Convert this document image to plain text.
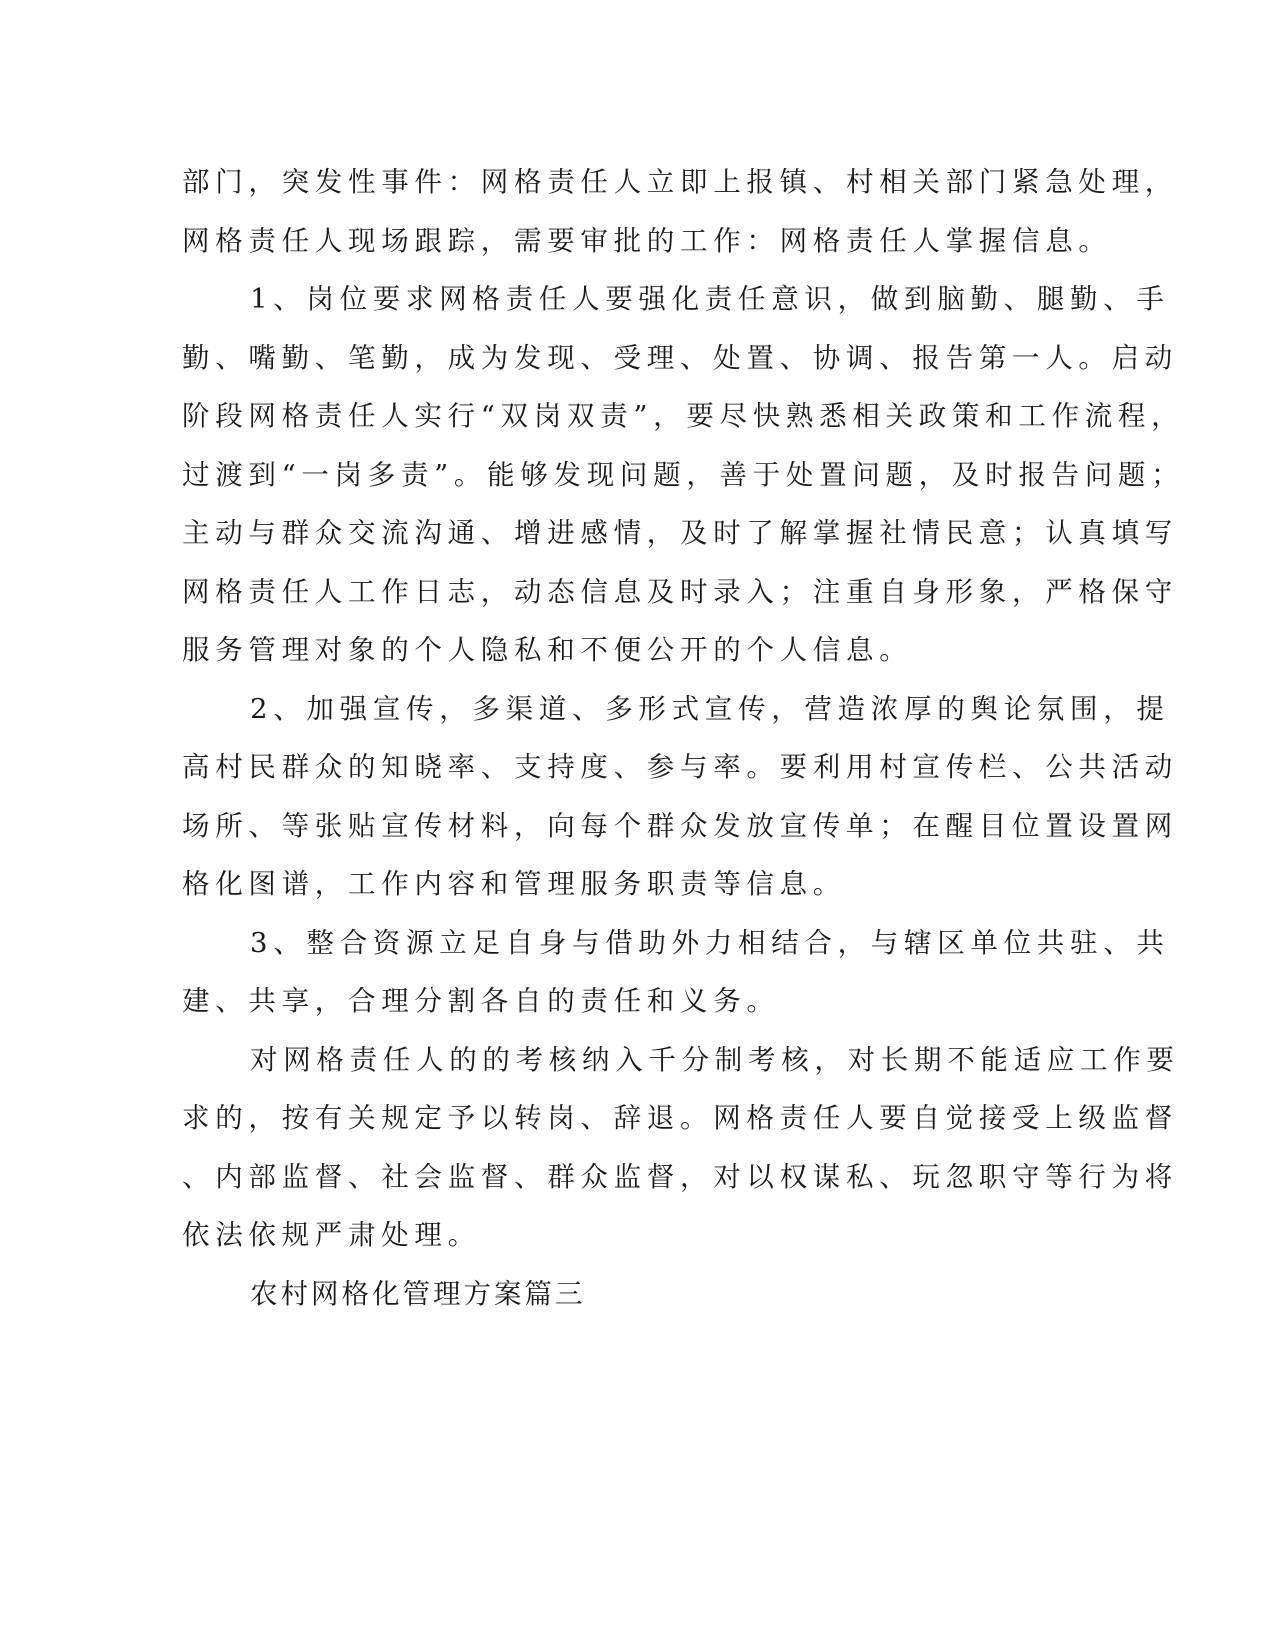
部门，突发性事件：网格责任人立即上报镇、村相关部门紧急处理，

网格责任人现场跟踪，需要审批的工作：网格责任人掌握信息。

1、岗位要求网格责任人要强化责任意识，做到脑勤、腿勤、手

勤、嘴勤、笔勤，成为发现、受理、处置、协调、报告第一人。启动

阶段网格责任人实行“双岗双责”，要尽快熟悉相关政策和工作流程，

过渡到“一岗多责”。能够发现问题，善于处置问题，及时报告问题；

主动与群众交流沟通、增进感情，及时了解掌握社情民意；认真填写

网格责任人工作日志，动态信息及时录入；注重自身形象，严格保守

服务管理对象的个人隐私和不便公开的个人信息。

2、加强宣传，多渠道、多形式宣传，营造浓厚的舆论氛围，提

高村民群众的知晓率、支持度、参与率。要利用村宣传栏、公共活动

场所、等张贴宣传材料，向每个群众发放宣传单；在醒目位置设置网

格化图谱，工作内容和管理服务职责等信息。

3、整合资源立足自身与借助外力相结合，与辖区单位共驻、共

建、共享，合理分割各自的责任和义务。

对网格责任人的的考核纳入千分制考核，对长期不能适应工作要

求的，按有关规定予以转岗、辞退。网格责任人要自觉接受上级监督

、内部监督、社会监督、群众监督，对以权谋私、玩忽职守等行为将

依法依规严肃处理。

农村网格化管理方案篇三
